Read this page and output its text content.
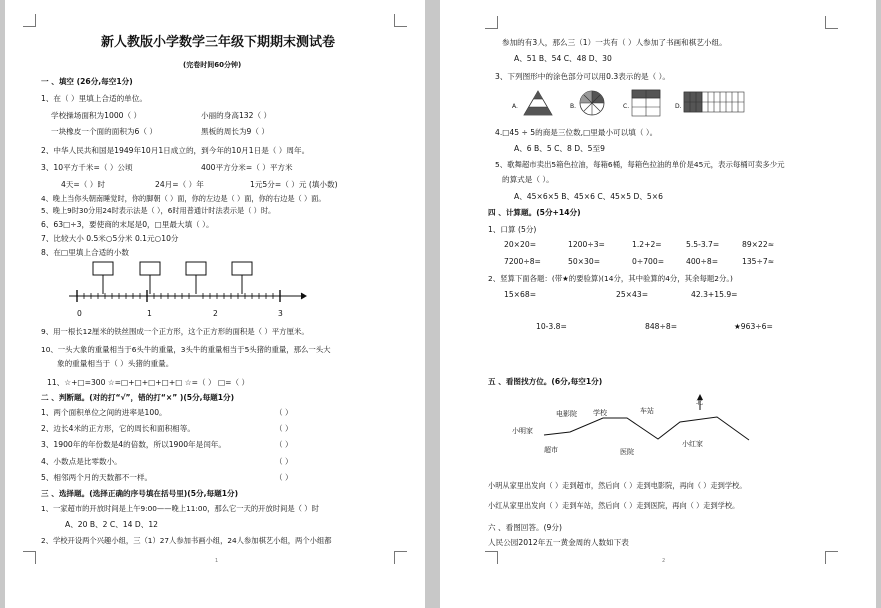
新人教版小学数学三年级下期期末测试卷
(完卷时间60分钟)
一 、填空 (26分,每空1分)
1、在（ ）里填上合适的单位。
学校操场面积为1000（ ）	小丽的身高132（ ）
一块橡皮一个面的面积为6（ ）	黑板的周长为9（ ）
2、中华人民共和国是1949年10月1日成立的，到今年的10月1日是（ ）周年。
3、10平方千米=（ ）公顷	400平方分米=（ ）平方米
4天=（ ）时	24月=（ ）年	1元5分=（ ）元 (填小数)
4、晚上当你头朝南睡觉时，你的脚朝（ ）面，你的左边是（ ）面，你的右边是（ ）面。
5、晚上9时30分用24时表示法是（ ），6时用普通计时法表示是（ ）时。
6、63□÷3，要使商的末尾是0，□里最大填（ ）。
7、比较大小 0.5米○5分米 0.1元○10分
8、在□里填上合适的小数
0	1	2	3
9、用一根长12厘米的铁丝围成一个正方形，这个正方形的面积是（ ）平方厘米。
10、一头大象的重量相当于6头牛的重量，3头牛的重量相当于5头猪的重量，那么一头大
象的重量相当于（ ）头猪的重量。
11、☆+□=300 ☆=□+□+□+□+□ ☆=（ ） □=（ ）
二 、判断题。(对的打“√”，错的打“×” )(5分,每题1分)
1、两个面积单位之间的进率是100。	（ ）
2、边长4米的正方形，它的周长和面积相等。	（ ）
3、1900年的年份数是4的倍数，所以1900年是闰年。	（ ）
4、小数点是比零数小。	（ ）
5、相邻两个月的天数都不一样。	（ ）
三 、选择题。(选择正确的序号填在括号里)(5分,每题1分)
1、一家超市的开放时间是上午9:00——晚上11:00，那么它一天的开放时间是（ ）时
A、20 B、2 C、14 D、12
2、学校开设两个兴趣小组，三（1）27人参加书画小组，24人参加棋艺小组，两个小组都
1
参加的有3人，那么三（1）一共有（ ）人参加了书画和棋艺小组。
A、51 B、54 C、48 D、30
3、下列图形中的涂色部分可以用0.3表示的是（ ）。
A.	B.	C.	D.
4.□45 ÷ 5的商是三位数,□里最小可以填（ ）。
A、6 B、5 C、8 D、5至9
5、歌舞超市卖出5箱色拉油，每箱6桶，每箱色拉油的单价是45元，表示每桶可卖多少元
的算式是（ ）。
A、45×6×5 B、45×6 C、45×5 D、5×6
四 、计算题。(5分+14分)
1、口算 (5分)
20×20=	1200÷3=	1.2+2=	5.5-3.7=	89×22≈
7200÷8=	50×30=	0÷700=	400÷8=	135÷7≈
2、竖算下面各题：(带★的要验算)(14分，其中验算的4分，其余每题2分。)
15×68=	25×43=	42.3+15.9=
10-3.8=	848÷8=	★963÷6=
五 、看图找方位。(6分,每空1分)
北
电影院 学校	车站
小明家
超市	医院
小红家
小明从家里出发向（ ）走到超市，然后向（ ）走到电影院，再向（ ）走到学校。
小红从家里出发向（ ）走到车站，然后向（ ）走到医院，再向（ ）走到学校。
六 、看图回答。(9分)
人民公园2012年五一黄金周的人数如下表
2
